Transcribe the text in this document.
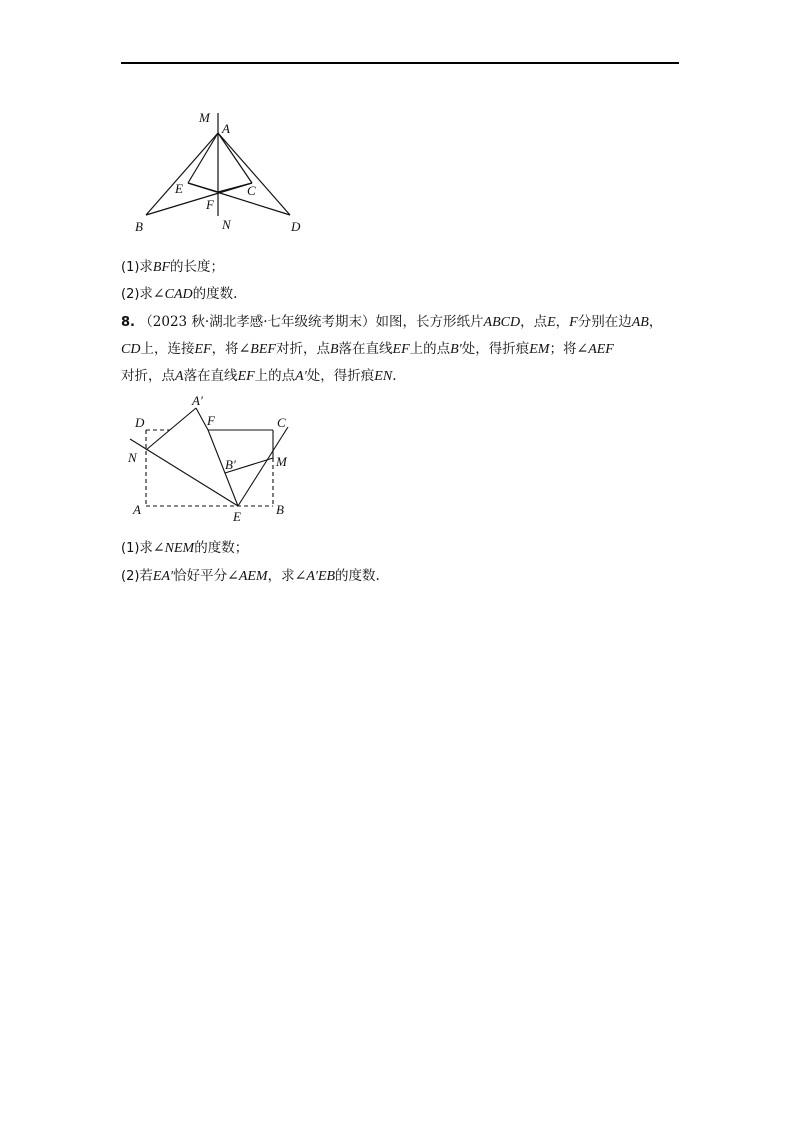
M
A
E	C
F
B	N	D
(1)求BF的长度；
(2)求∠CAD的度数.
8. （2023 秋·湖北孝感·七年级统考期末）如图，长方形纸片ABCD，点E，F分别在边AB，
CD上，连接EF，将∠BEF对折，点B落在直线EF上的点B′处，得折痕EM；将∠AEF
对折，点A落在直线EF上的点A′处，得折痕EN.
A′
D	F	C
N	B′	M
A	E	B
(1)求∠NEM的度数；
(2)若EA′恰好平分∠AEM，求∠A′EB的度数.
